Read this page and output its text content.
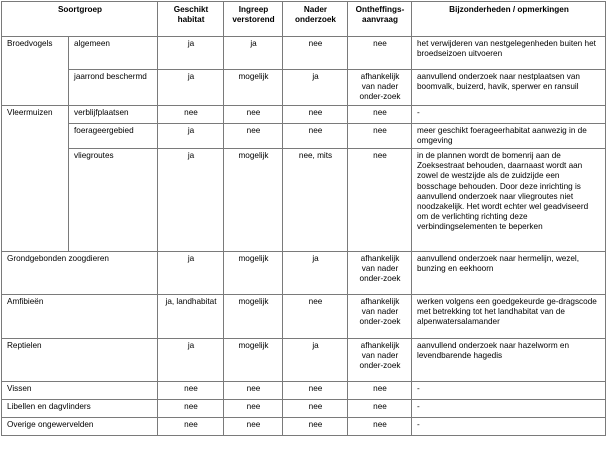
Soortgroep		Geschikt habitat	Ingreep verstorend	Nader onderzoek	Ontheffings-aanvraag	Bijzonderheden / opmerkingen
Broedvogels	algemeen	ja	ja	nee	nee	het verwijderen van nestgelegenheden buiten het broedseizoen uitvoeren
	jaarrond beschermd	ja	mogelijk	ja	afhankelijk van nader onder-zoek	aanvullend onderzoek naar nestplaatsen van boomvalk, buizerd, havik, sperwer en ransuil
Vleermuizen	verblijfplaatsen	nee	nee	nee	nee	-
	foerageergebied	ja	nee	nee	nee	meer geschikt foerageerhabitat aanwezig in de omgeving
	vliegroutes	ja	mogelijk	nee, mits	nee	in de plannen wordt de bomenrij aan de Zoeksestraat behouden, daarnaast wordt aan zowel de westzijde als de zuidzijde een bosschage behouden. Door deze inrichting is aanvullend onderzoek naar vliegroutes niet noodzakelijk. Het wordt echter wel geadviseerd om de verlichting richting deze verbindingselementen te beperken
Grondgebonden zoogdieren		ja	mogelijk	ja	afhankelijk van nader onder-zoek	aanvullend onderzoek naar hermelijn, wezel, bunzing en eekhoorn
Amfibieën		ja, landhabitat	mogelijk	nee	afhankelijk van nader onder-zoek	werken volgens een goedgekeurde ge-dragscode met betrekking tot het landhabitat van de alpenwatersalamander
Reptielen		ja	mogelijk	ja	afhankelijk van nader onder-zoek	aanvullend onderzoek naar hazelworm en levendbarende hagedis
Vissen		nee	nee	nee	nee	-
Libellen en dagvlinders		nee	nee	nee	nee	-
Overige ongewervelden		nee	nee	nee	nee	-
